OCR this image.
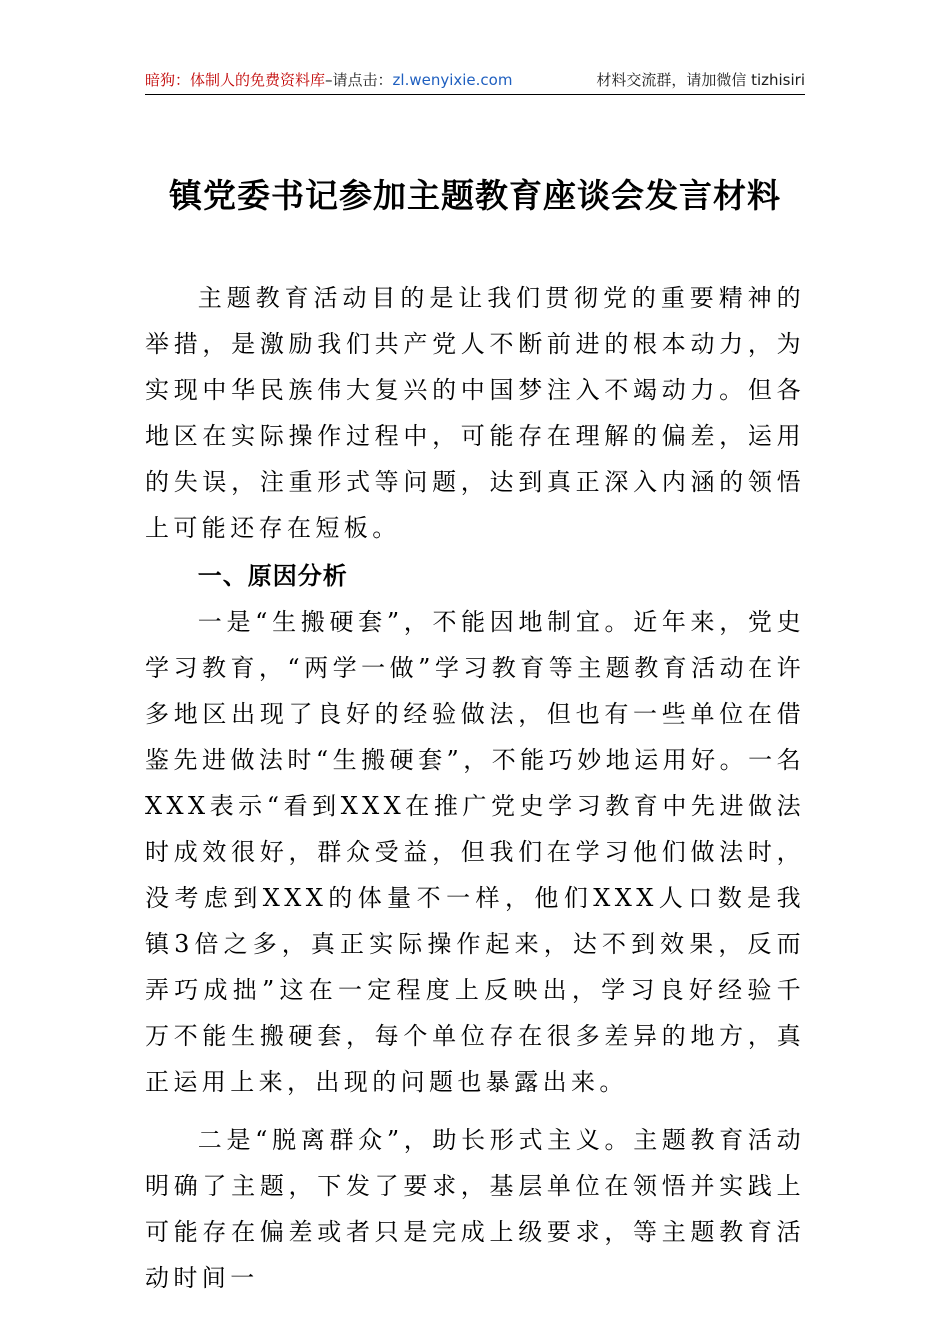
暗狗：体制人的免费资料库–请点击：zl.wenyixie.com	材料交流群，请加微信 tizhisiri
镇党委书记参加主题教育座谈会发言材料

主题教育活动目的是让我们贯彻党的重要精神的举措，是激励我们共产党人不断前进的根本动力，为实现中华民族伟大复兴的中国梦注入不竭动力。但各地区在实际操作过程中，可能存在理解的偏差，运用的失误，注重形式等问题，达到真正深入内涵的领悟上可能还存在短板。

一、原因分析

一是“生搬硬套”，不能因地制宜。近年来，党史学习教育，“两学一做”学习教育等主题教育活动在许多地区出现了良好的经验做法，但也有一些单位在借鉴先进做法时“生搬硬套”，不能巧妙地运用好。一名XXX表示“看到XXX在推广党史学习教育中先进做法时成效很好，群众受益，但我们在学习他们做法时，没考虑到XXX的体量不一样，他们XXX人口数是我镇3倍之多，真正实际操作起来，达不到效果，反而弄巧成拙”这在一定程度上反映出，学习良好经验千万不能生搬硬套，每个单位存在很多差异的地方，真正运用上来，出现的问题也暴露出来。

二是“脱离群众”，助长形式主义。主题教育活动明确了主题，下发了要求，基层单位在领悟并实践上可能存在偏差或者只是完成上级要求，等主题教育活动时间一
